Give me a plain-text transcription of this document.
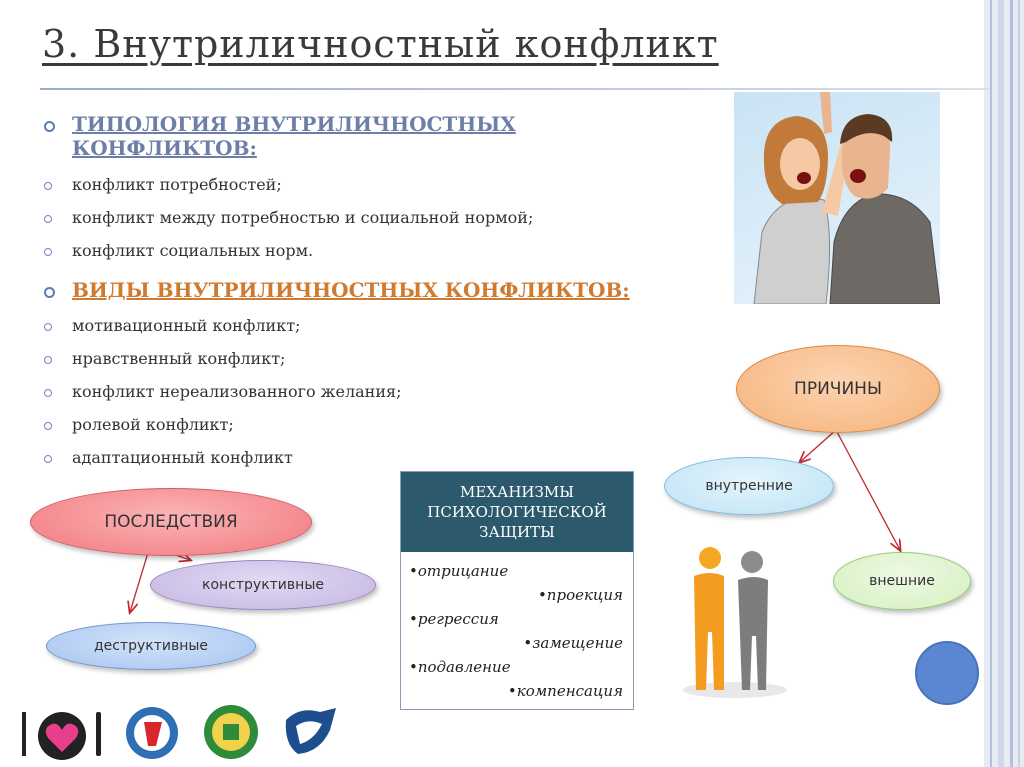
3. Внутриличностный конфликт
ТИПОЛОГИЯ ВНУТРИЛИЧНОСТНЫХ
КОНФЛИКТОВ:
конфликт потребностей;
конфликт между потребностью и социальной нормой;
конфликт социальных норм.
ВИДЫ ВНУТРИЛИЧНОСТНЫХ КОНФЛИКТОВ:
мотивационный конфликт;
нравственный конфликт;
конфликт нереализованного желания;
ролевой конфликт;
адаптационный конфликт
ПОСЛЕДСТВИЯ
конструктивные
деструктивные
ПРИЧИНЫ
внутренние
внешние
МЕХАНИЗМЫ
ПСИХОЛОГИЧЕСКОЙ
ЗАЩИТЫ
•отрицание
•проекция
•регрессия
•замещение
•подавление
•компенсация
